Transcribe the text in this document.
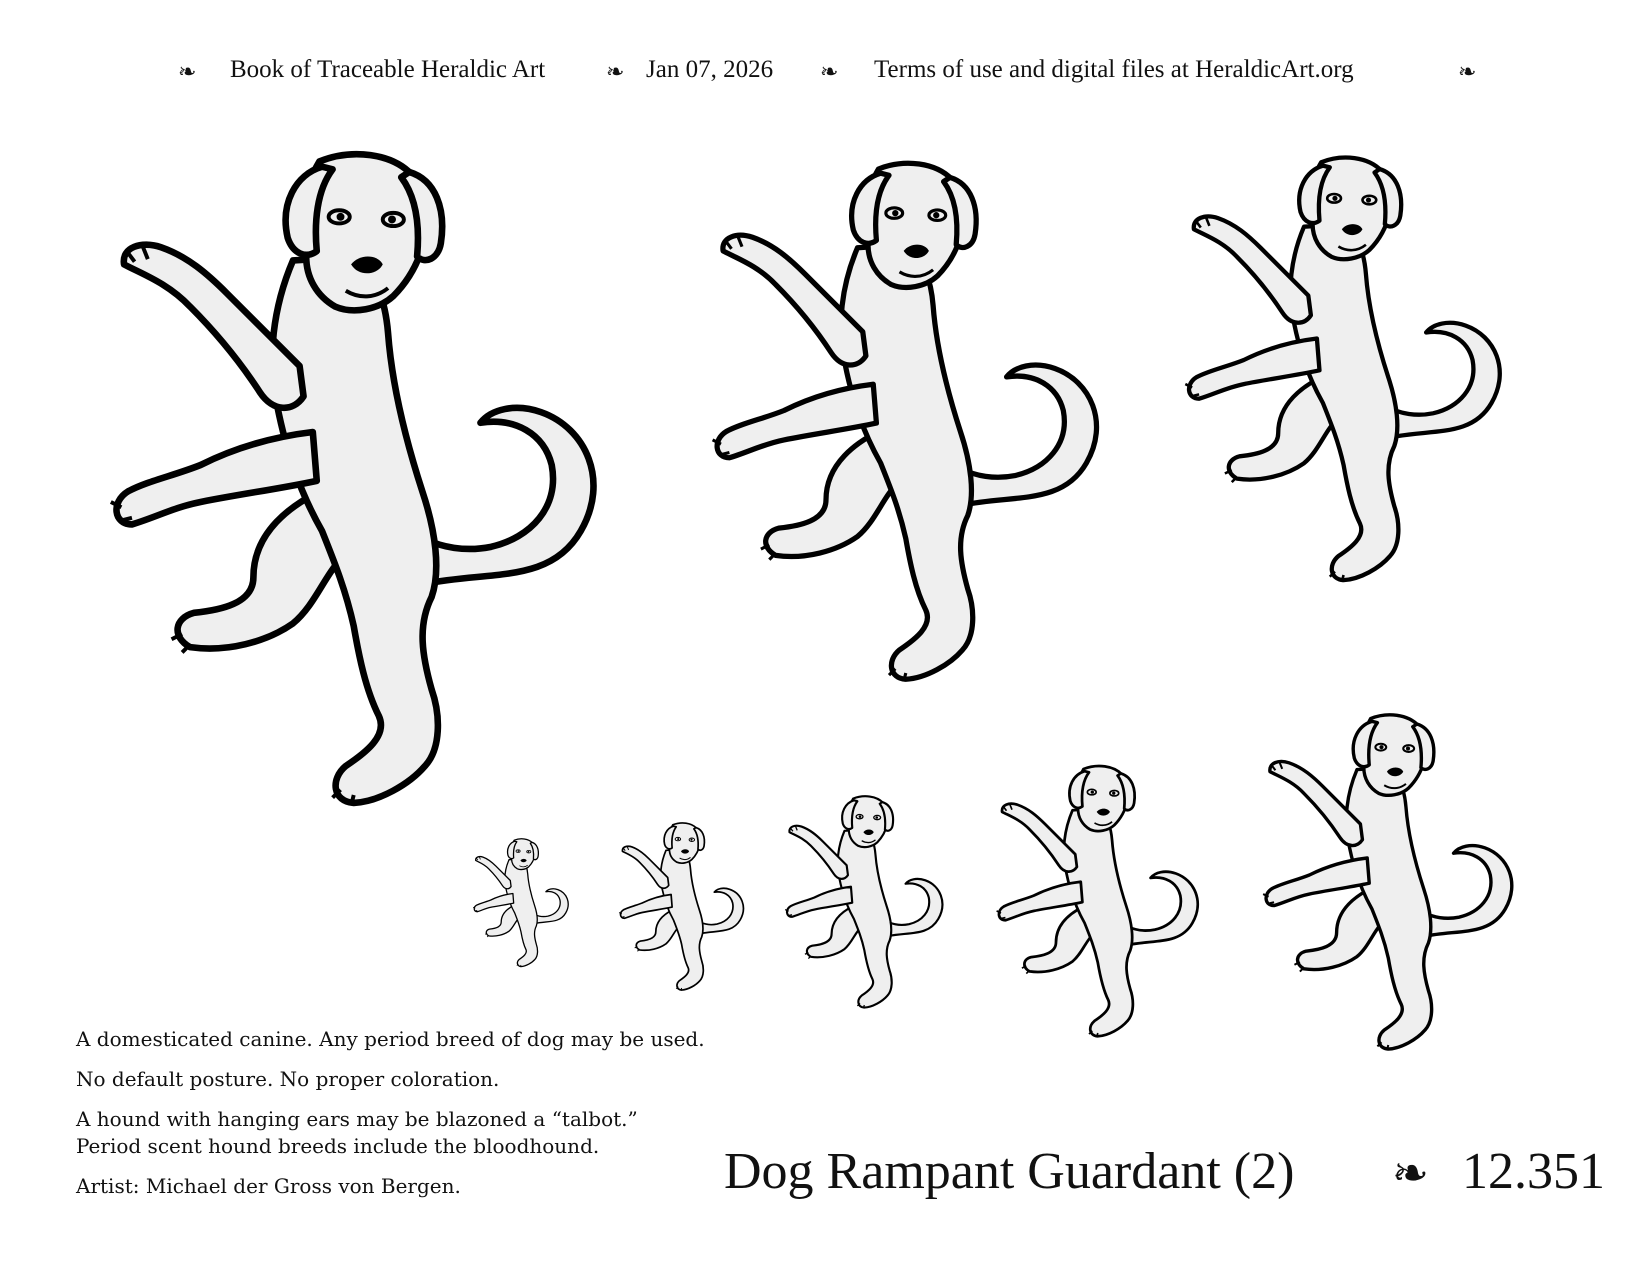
❧ Book of Traceable Heraldic Art	❧ Jan 07, 2026 ❧ Terms of use and digital files at HeraldicArt.org	❧
A domesticated canine. Any period breed of dog may be used.
No default posture. No proper coloration.
A hound with hanging ears may be blazoned a “talbot.”
Period scent hound breeds include the bloodhound.
Artist: Michael der Gross von Bergen.	Dog Rampant Guardant (2) ❧ 12.351
